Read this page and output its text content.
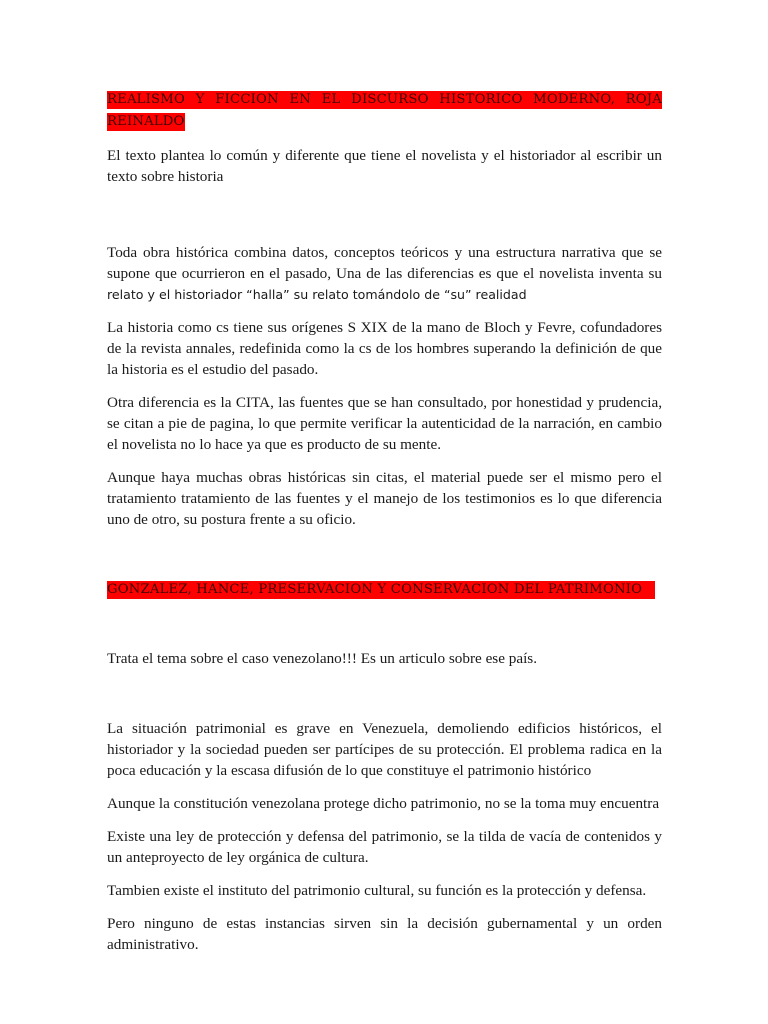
REALISMO Y FICCION EN EL DISCURSO HISTORICO MODERNO, ROJA REINALDO

El texto plantea lo común y diferente que tiene el novelista y el historiador al escribir un texto sobre historia

Toda obra histórica combina datos, conceptos teóricos y una estructura narrativa que se supone que ocurrieron en el pasado, Una de las diferencias es que el novelista inventa su relato y el historiador “halla” su relato tomándolo de “su” realidad

La historia como cs tiene sus orígenes S XIX de la mano de Bloch y Fevre, cofundadores de la revista annales, redefinida como la cs de los hombres superando la definición de que la historia es el estudio del pasado.

Otra diferencia es la CITA, las fuentes que se han consultado, por honestidad y prudencia, se citan a pie de pagina, lo que permite verificar la autenticidad de la narración, en cambio el novelista no lo hace ya que es producto de su mente.

Aunque haya muchas obras históricas sin citas, el material puede ser el mismo pero el tratamiento tratamiento de las fuentes y el manejo de los testimonios es lo que diferencia uno de otro, su postura frente a su oficio.

GONZALEZ, HANCE, PRESERVACION Y CONSERVACION DEL PATRIMONIO

Trata el tema sobre el caso venezolano!!! Es un articulo sobre ese país.

La situación patrimonial es grave en Venezuela, demoliendo edificios históricos, el historiador y la sociedad pueden ser partícipes de su protección. El problema radica en la poca educación y la escasa difusión de lo que constituye el patrimonio histórico

Aunque la constitución venezolana protege dicho patrimonio, no se la toma muy encuentra

Existe una ley de protección y defensa del patrimonio, se la tilda de vacía de contenidos y un anteproyecto de ley orgánica de cultura.

Tambien existe el instituto del patrimonio cultural, su función es la protección y defensa.

Pero ninguno de estas instancias sirven sin la decisión gubernamental y un orden administrativo.
